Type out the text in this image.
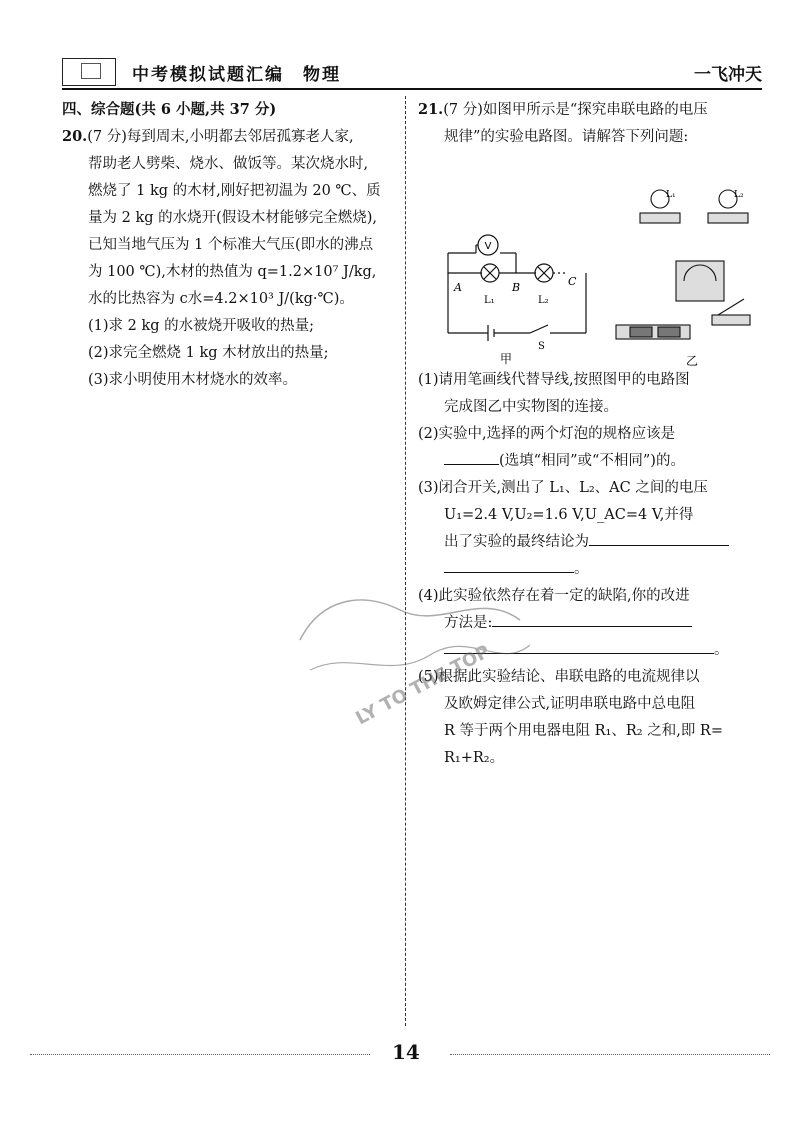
中考模拟试题汇编　物理	一飞冲天

四、综合题(共 6 小题,共 37 分)

20.(7 分)每到周末,小明都去邻居孤寡老人家,

帮助老人劈柴、烧水、做饭等。某次烧水时,

燃烧了 1 kg 的木材,刚好把初温为 20 ℃、质

量为 2 kg 的水烧开(假设木材能够完全燃烧),

已知当地气压为 1 个标准大气压(即水的沸点

为 100 ℃),木材的热值为 q=1.2×10⁷ J/kg,

水的比热容为 c水=4.2×10³ J/(kg·℃)。

(1)求 2 kg 的水被烧开吸收的热量;

(2)求完全燃烧 1 kg 木材放出的热量;

(3)求小明使用木材烧水的效率。

21.(7 分)如图甲所示是“探究串联电路的电压

规律”的实验电路图。请解答下列问题:

V
A	B	C
L₁	L₂
S
甲
L₁	L₂
乙

(1)请用笔画线代替导线,按照图甲的电路图

完成图乙中实物图的连接。

(2)实验中,选择的两个灯泡的规格应该是

(选填“相同”或“不相同”)的。

(3)闭合开关,测出了 L₁、L₂、AC 之间的电压

U₁=2.4 V,U₂=1.6 V,U_AC=4 V,并得

出了实验的最终结论为

。

(4)此实验依然存在着一定的缺陷,你的改进

方法是:

。

(5)根据此实验结论、串联电路的电流规律以

及欧姆定律公式,证明串联电路中总电阻

R 等于两个用电器电阻 R₁、R₂ 之和,即 R=

R₁+R₂。

LY TO THE TOP
14
